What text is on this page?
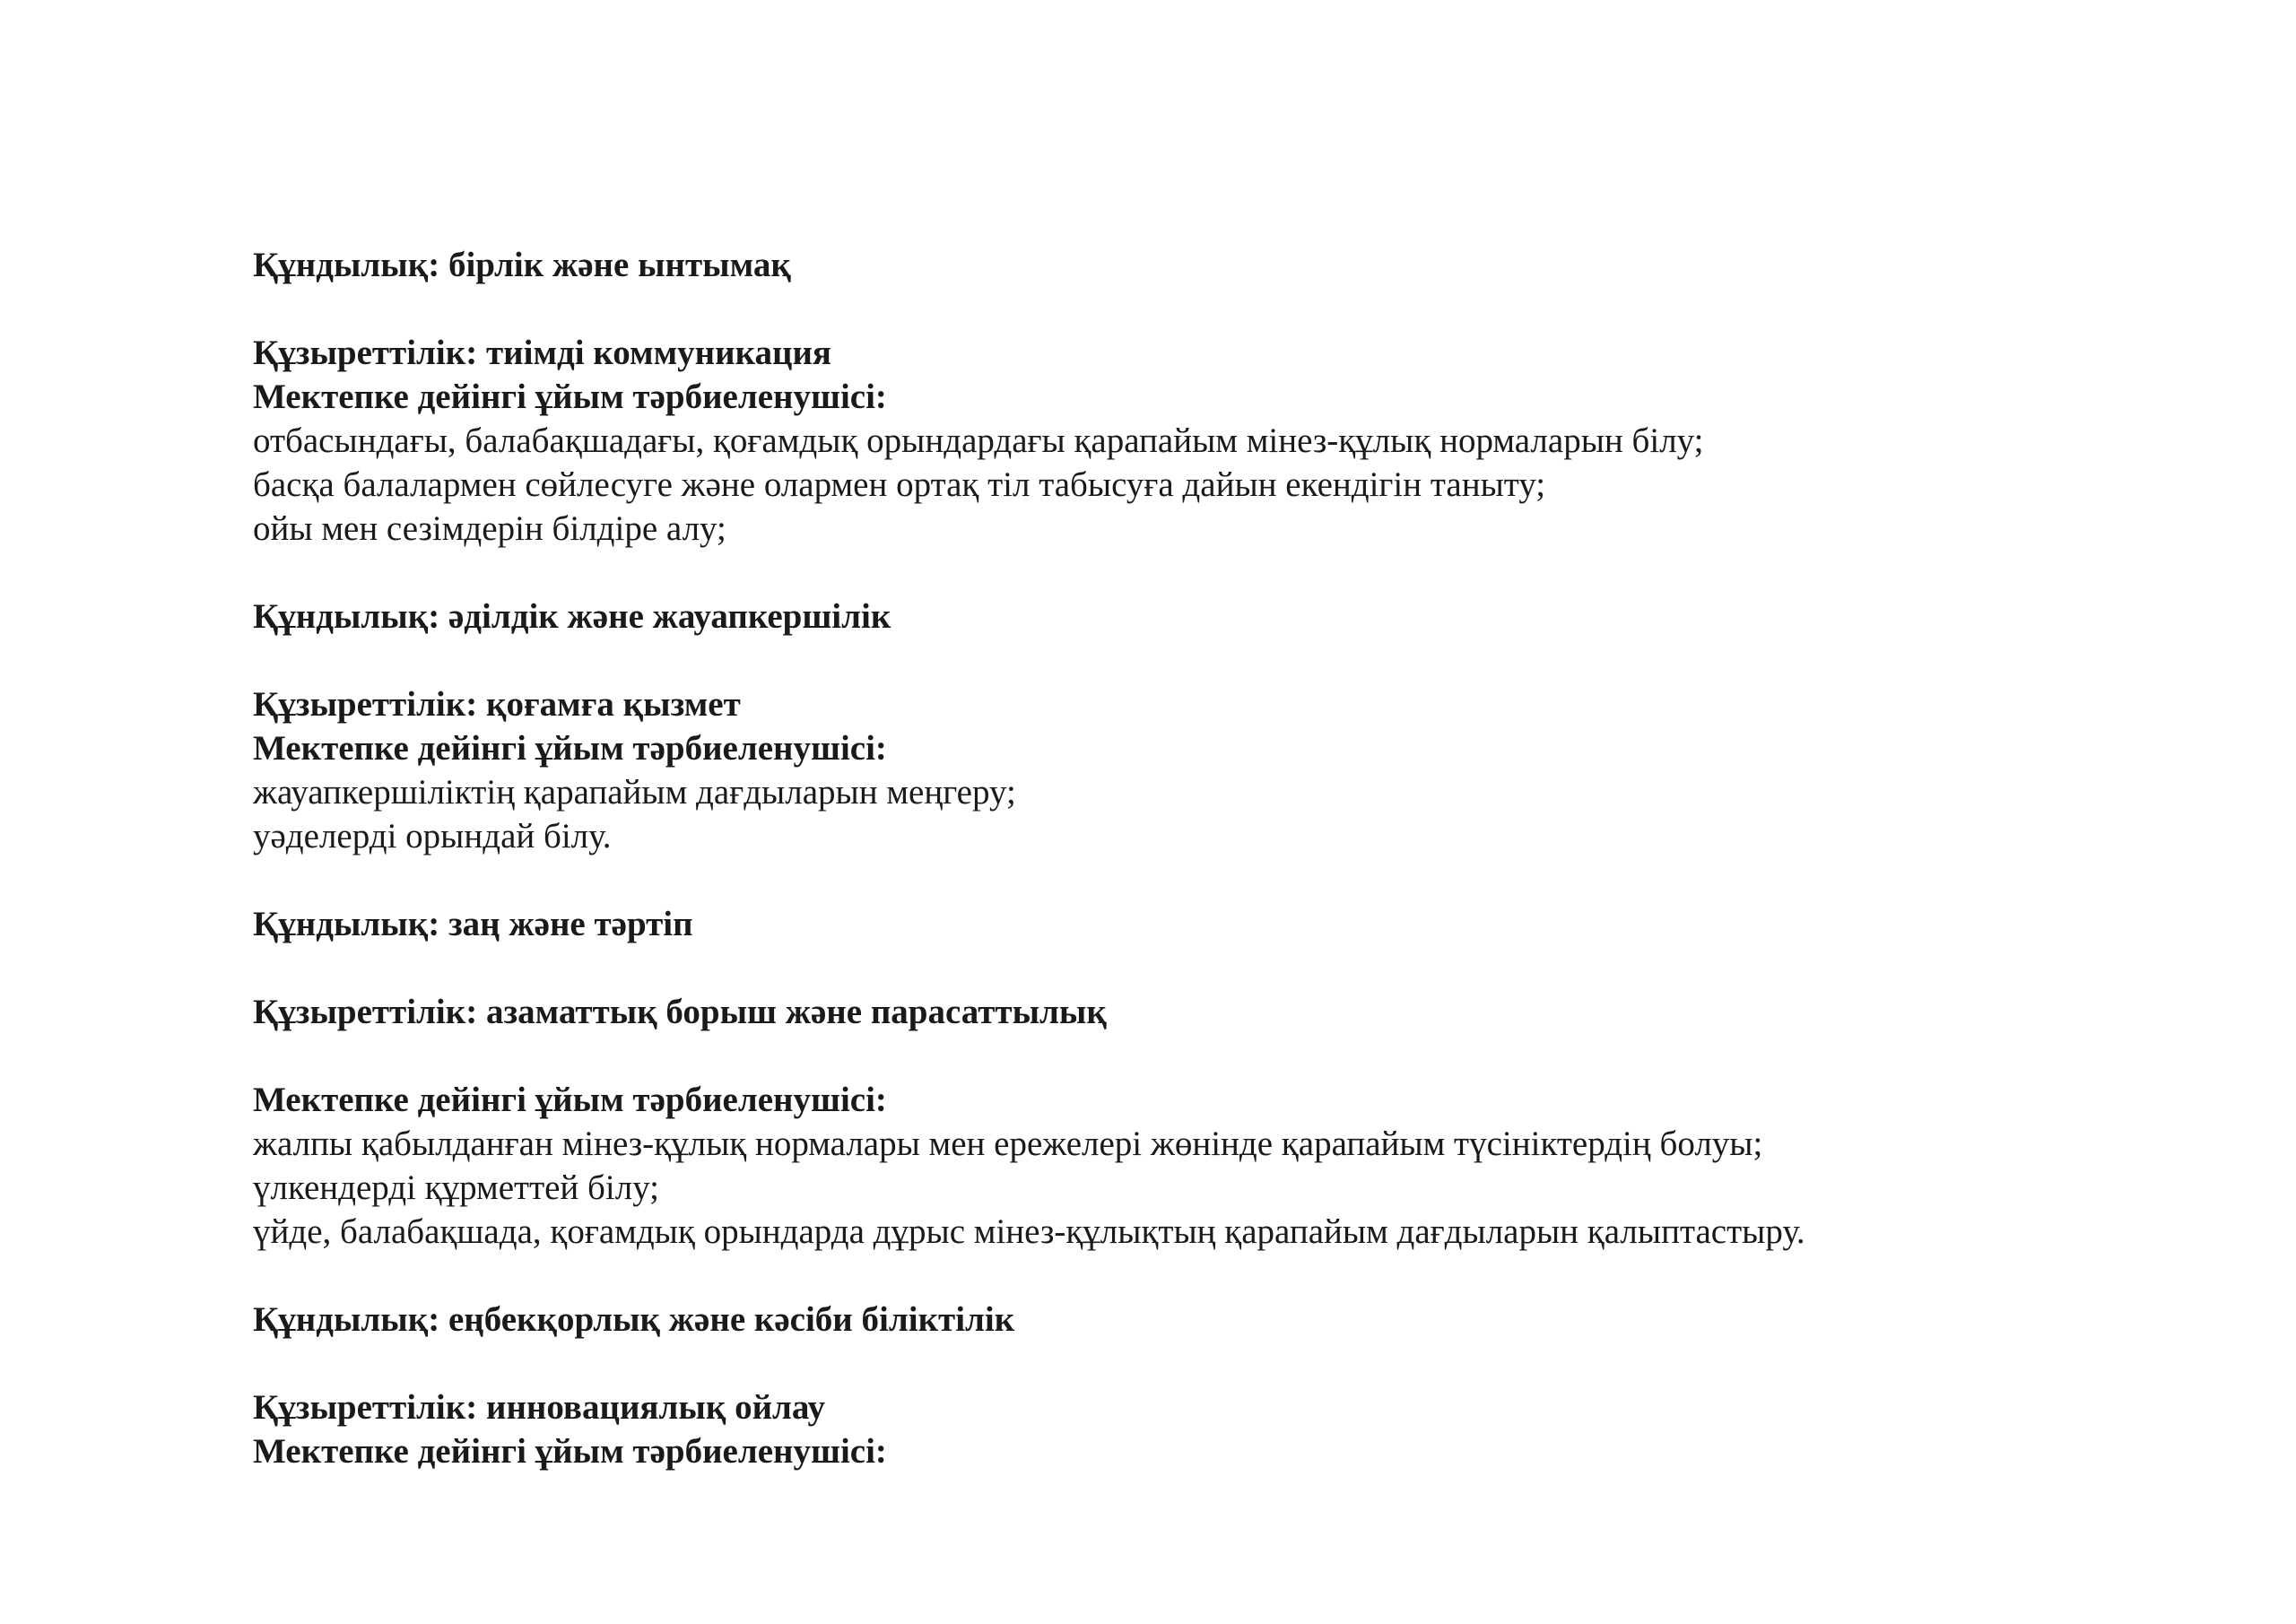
Құндылық: бірлік және ынтымақ
Құзыреттілік: тиімді коммуникация
Мектепке дейінгі ұйым тәрбиеленушісі:
отбасындағы, балабақшадағы, қоғамдық орындардағы қарапайым мінез-құлық нормаларын білу;
басқа балалармен сөйлесуге және олармен ортақ тіл табысуға дайын екендігін таныту;
ойы мен сезімдерін білдіре алу;
Құндылық: әділдік және жауапкершілік
Құзыреттілік: қоғамға қызмет
Мектепке дейінгі ұйым тәрбиеленушісі:
жауапкершіліктің қарапайым дағдыларын меңгеру;
уәделерді орындай білу.
Құндылық: заң және тәртіп
Құзыреттілік: азаматтық борыш және парасаттылық
Мектепке дейінгі ұйым тәрбиеленушісі:
жалпы қабылданған мінез-құлық нормалары мен ережелері жөнінде қарапайым түсініктердің болуы;
үлкендерді құрметтей білу;
үйде, балабақшада, қоғамдық орындарда дұрыс мінез-құлықтың қарапайым дағдыларын қалыптастыру.
Құндылық: еңбекқорлық және кәсіби біліктілік
Құзыреттілік: инновациялық ойлау
Мектепке дейінгі ұйым тәрбиеленушісі:
